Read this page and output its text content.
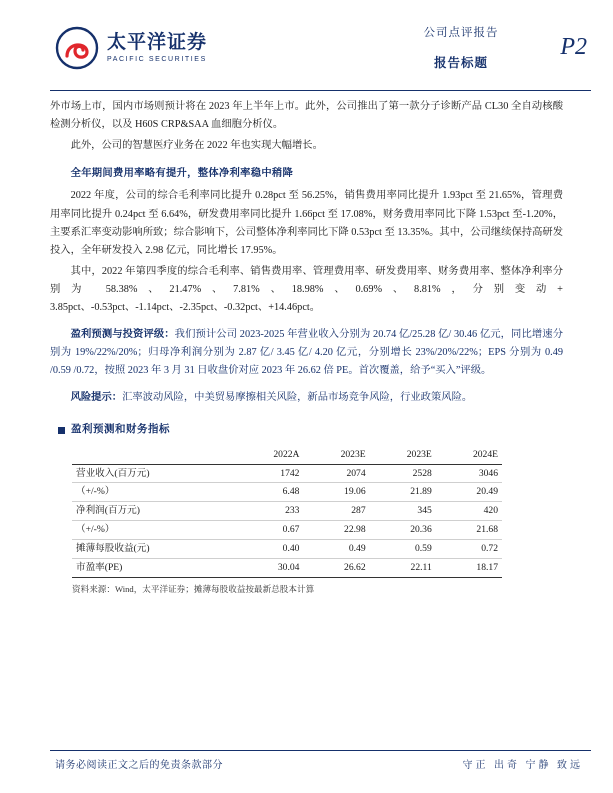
太平洋证券
PACIFIC SECURITIES
公司点评报告
报告标题
P2

外市场上市，国内市场则预计将在 2023 年上半年上市。此外，公司推出了第一款分子诊断产品 CL30 全自动核酸检测分析仪，以及 H60S CRP&SAA 血细胞分析仪。

此外，公司的智慧医疗业务在 2022 年也实现大幅增长。

全年期间费用率略有提升，整体净利率稳中稍降

2022 年度，公司的综合毛利率同比提升 0.28pct 至 56.25%，销售费用率同比提升 1.93pct 至 21.65%，管理费用率同比提升 0.24pct 至 6.64%，研发费用率同比提升 1.66pct 至 17.08%，财务费用率同比下降 1.53pct 至-1.20%，主要系汇率变动影响所致；综合影响下，公司整体净利率同比下降 0.53pct 至 13.35%。其中，公司继续保持高研发投入，全年研发投入 2.98 亿元，同比增长 17.95%。

其中，2022 年第四季度的综合毛利率、销售费用率、管理费用率、研发费用率、财务费用率、整体净利率分别为 58.38%、21.47%、7.81%、18.98%、0.69%、8.81%，分别变动+ 3.85pct、-0.53pct、-1.14pct、-2.35pct、-0.32pct、+14.46pct。

盈利预测与投资评级：我们预计公司 2023-2025 年营业收入分别为 20.74 亿/25.28 亿/ 30.46 亿元，同比增速分别为 19%/22%/20%；归母净利润分别为 2.87 亿/ 3.45 亿/ 4.20 亿元，分别增长 23%/20%/22%；EPS 分别为 0.49 /0.59 /0.72，按照 2023 年 3 月 31 日收盘价对应 2023 年 26.62 倍 PE。首次覆盖，给予“买入”评级。

风险提示：汇率波动风险，中美贸易摩擦相关风险，新品市场竞争风险，行业政策风险。

盈利预测和财务指标
	2022A	2023E	2023E	2024E
营业收入(百万元)	1742	2074	2528	3046
（+/-%）	6.48	19.06	21.89	20.49
净利润(百万元)	233	287	345	420
（+/-%）	0.67	22.98	20.36	21.68
摊薄每股收益(元)	0.40	0.49	0.59	0.72
市盈率(PE)	30.04	26.62	22.11	18.17
资料来源：Wind，太平洋证券；摊薄每股收益按最新总股本计算
请务必阅读正文之后的免责条款部分	守正 出奇 宁静 致远
